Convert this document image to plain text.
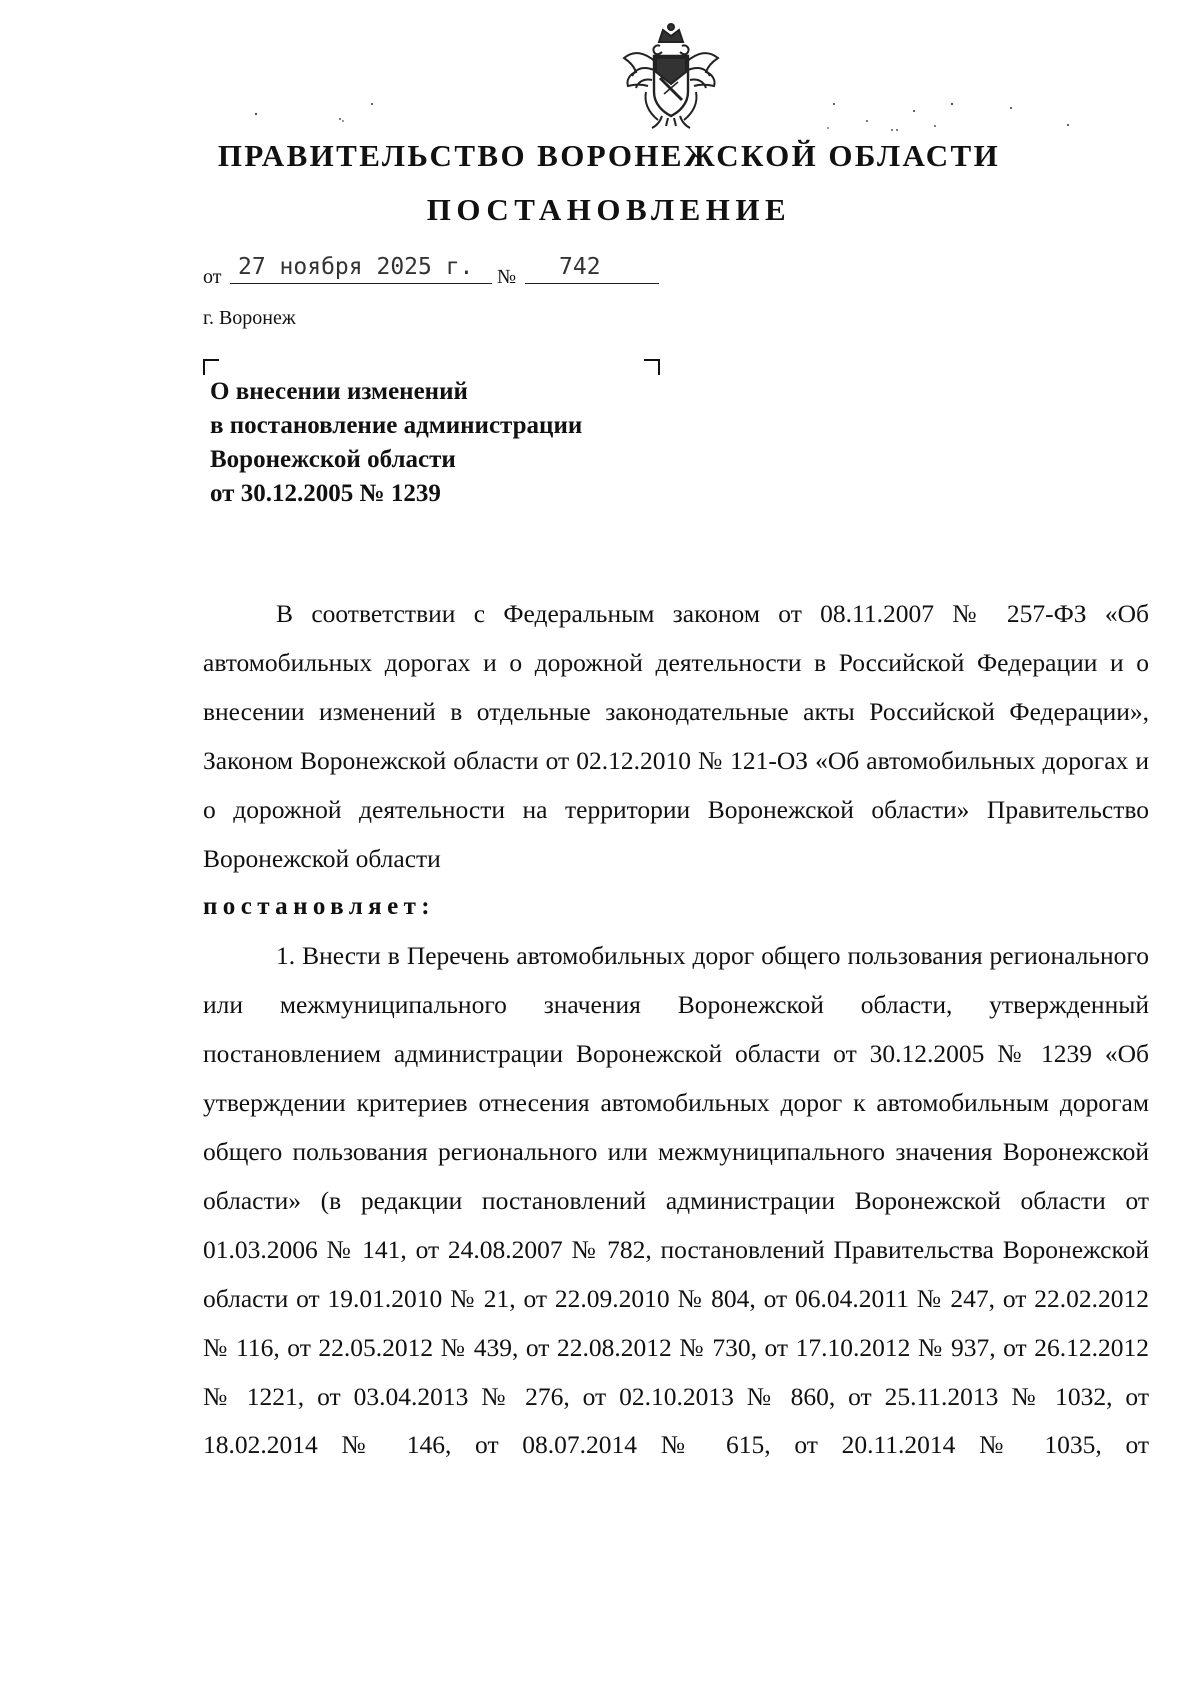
ПРАВИТЕЛЬСТВО ВОРОНЕЖСКОЙ ОБЛАСТИ
ПОСТАНОВЛЕНИЕ
от 27 ноября 2025 г.	№	742
г. Воронеж
О внесении изменений
в постановление администрации
Воронежской области
от 30.12.2005 № 1239

В соответствии с Федеральным законом от 08.11.2007 № 257-ФЗ «Об автомобильных дорогах и о дорожной деятельности в Российской Федерации и о внесении изменений в отдельные законодательные акты Российской Федерации», Законом Воронежской области от 02.12.2010 № 121-ОЗ «Об автомобильных дорогах и о дорожной деятельности на территории Воронежской области» Правительство Воронежской области

постановляет:

1. Внести в Перечень автомобильных дорог общего пользования регионального или межмуниципального значения Воронежской области, утвержденный постановлением администрации Воронежской области от 30.12.2005 № 1239 «Об утверждении критериев отнесения автомобильных дорог к автомобильным дорогам общего пользования регионального или межмуниципального значения Воронежской области» (в редакции постановлений администрации Воронежской области от 01.03.2006 № 141, от 24.08.2007 № 782, постановлений Правительства Воронежской области от 19.01.2010 № 21, от 22.09.2010 № 804, от 06.04.2011 № 247, от 22.02.2012 № 116, от 22.05.2012 № 439, от 22.08.2012 № 730, от 17.10.2012 № 937, от 26.12.2012 № 1221, от 03.04.2013 № 276, от 02.10.2013 № 860, от 25.11.2013 № 1032, от 18.02.2014 № 146, от 08.07.2014 № 615, от 20.11.2014 № 1035, от
